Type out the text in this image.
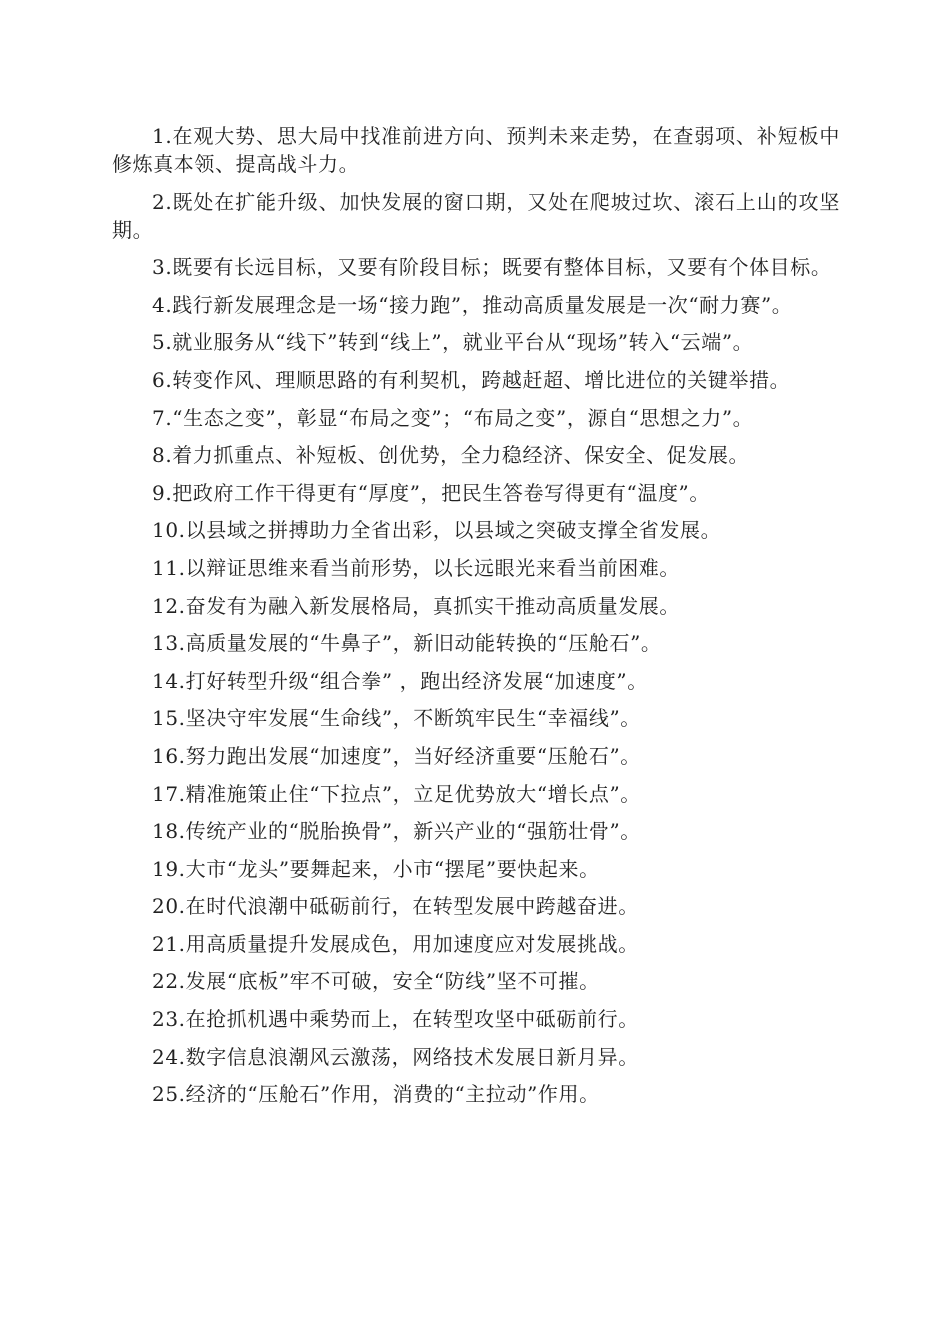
1.在观大势、思大局中找准前进方向、预判未来走势，在查弱项、补短板中修炼真本领、提高战斗力。

2.既处在扩能升级、加快发展的窗口期，又处在爬坡过坎、滚石上山的攻坚期。

3.既要有长远目标，又要有阶段目标；既要有整体目标，又要有个体目标。

4.践行新发展理念是一场“接力跑”，推动高质量发展是一次“耐力赛”。

5.就业服务从“线下”转到“线上”，就业平台从“现场”转入“云端”。

6.转变作风、理顺思路的有利契机，跨越赶超、增比进位的关键举措。

7.“生态之变”，彰显“布局之变”；“布局之变”，源自“思想之力”。

8.着力抓重点、补短板、创优势，全力稳经济、保安全、促发展。

9.把政府工作干得更有“厚度”，把民生答卷写得更有“温度”。

10.以县域之拼搏助力全省出彩，以县域之突破支撑全省发展。

11.以辩证思维来看当前形势，以长远眼光来看当前困难。

12.奋发有为融入新发展格局，真抓实干推动高质量发展。

13.高质量发展的“牛鼻子”，新旧动能转换的“压舱石”。

14.打好转型升级“组合拳” ，跑出经济发展“加速度”。

15.坚决守牢发展“生命线”，不断筑牢民生“幸福线”。

16.努力跑出发展“加速度”，当好经济重要“压舱石”。

17.精准施策止住“下拉点”，立足优势放大“增长点”。

18.传统产业的“脱胎换骨”，新兴产业的“强筋壮骨”。

19.大市“龙头”要舞起来，小市“摆尾”要快起来。

20.在时代浪潮中砥砺前行，在转型发展中跨越奋进。

21.用高质量提升发展成色，用加速度应对发展挑战。

22.发展“底板”牢不可破，安全“防线”坚不可摧。

23.在抢抓机遇中乘势而上，在转型攻坚中砥砺前行。

24.数字信息浪潮风云激荡，网络技术发展日新月异。

25.经济的“压舱石”作用，消费的“主拉动”作用。
